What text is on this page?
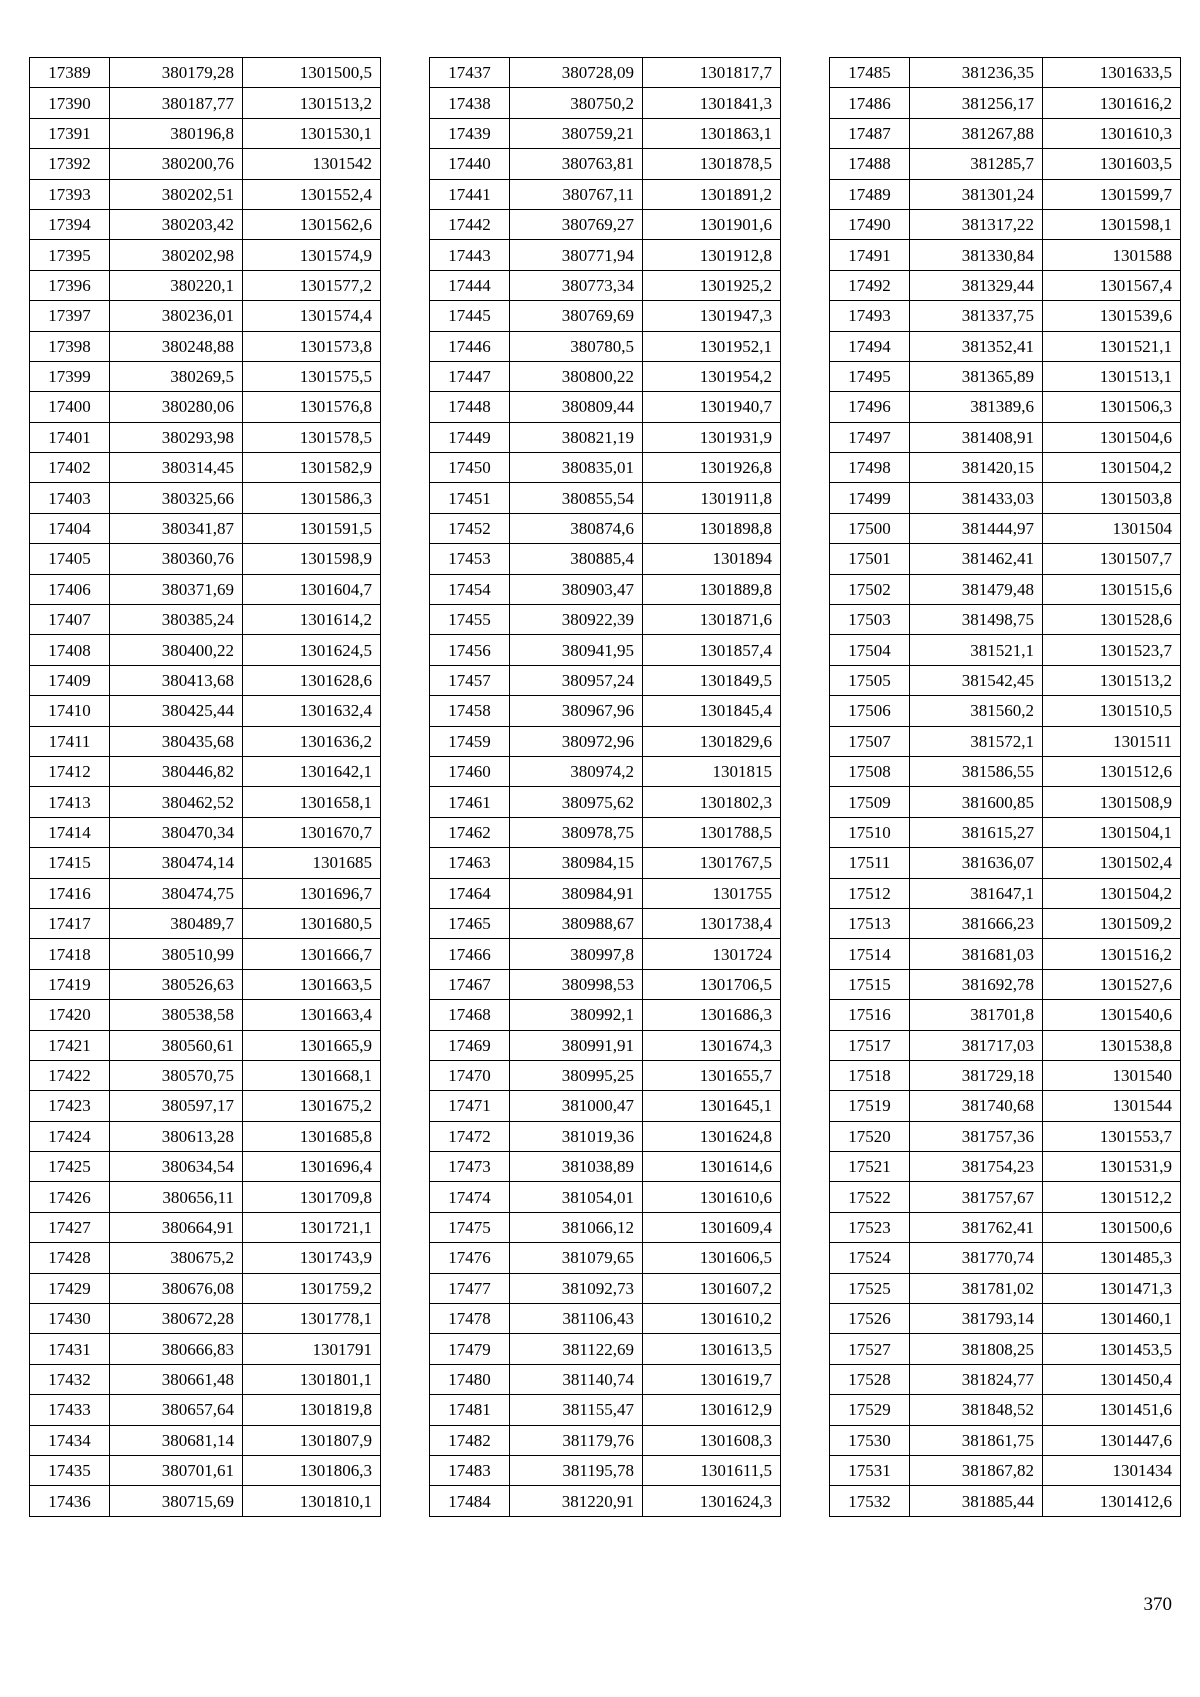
17389	380179,28	1301500,5
17390	380187,77	1301513,2
17391	380196,8	1301530,1
17392	380200,76	1301542
17393	380202,51	1301552,4
17394	380203,42	1301562,6
17395	380202,98	1301574,9
17396	380220,1	1301577,2
17397	380236,01	1301574,4
17398	380248,88	1301573,8
17399	380269,5	1301575,5
17400	380280,06	1301576,8
17401	380293,98	1301578,5
17402	380314,45	1301582,9
17403	380325,66	1301586,3
17404	380341,87	1301591,5
17405	380360,76	1301598,9
17406	380371,69	1301604,7
17407	380385,24	1301614,2
17408	380400,22	1301624,5
17409	380413,68	1301628,6
17410	380425,44	1301632,4
17411	380435,68	1301636,2
17412	380446,82	1301642,1
17413	380462,52	1301658,1
17414	380470,34	1301670,7
17415	380474,14	1301685
17416	380474,75	1301696,7
17417	380489,7	1301680,5
17418	380510,99	1301666,7
17419	380526,63	1301663,5
17420	380538,58	1301663,4
17421	380560,61	1301665,9
17422	380570,75	1301668,1
17423	380597,17	1301675,2
17424	380613,28	1301685,8
17425	380634,54	1301696,4
17426	380656,11	1301709,8
17427	380664,91	1301721,1
17428	380675,2	1301743,9
17429	380676,08	1301759,2
17430	380672,28	1301778,1
17431	380666,83	1301791
17432	380661,48	1301801,1
17433	380657,64	1301819,8
17434	380681,14	1301807,9
17435	380701,61	1301806,3
17436	380715,69	1301810,1
17437	380728,09	1301817,7
17438	380750,2	1301841,3
17439	380759,21	1301863,1
17440	380763,81	1301878,5
17441	380767,11	1301891,2
17442	380769,27	1301901,6
17443	380771,94	1301912,8
17444	380773,34	1301925,2
17445	380769,69	1301947,3
17446	380780,5	1301952,1
17447	380800,22	1301954,2
17448	380809,44	1301940,7
17449	380821,19	1301931,9
17450	380835,01	1301926,8
17451	380855,54	1301911,8
17452	380874,6	1301898,8
17453	380885,4	1301894
17454	380903,47	1301889,8
17455	380922,39	1301871,6
17456	380941,95	1301857,4
17457	380957,24	1301849,5
17458	380967,96	1301845,4
17459	380972,96	1301829,6
17460	380974,2	1301815
17461	380975,62	1301802,3
17462	380978,75	1301788,5
17463	380984,15	1301767,5
17464	380984,91	1301755
17465	380988,67	1301738,4
17466	380997,8	1301724
17467	380998,53	1301706,5
17468	380992,1	1301686,3
17469	380991,91	1301674,3
17470	380995,25	1301655,7
17471	381000,47	1301645,1
17472	381019,36	1301624,8
17473	381038,89	1301614,6
17474	381054,01	1301610,6
17475	381066,12	1301609,4
17476	381079,65	1301606,5
17477	381092,73	1301607,2
17478	381106,43	1301610,2
17479	381122,69	1301613,5
17480	381140,74	1301619,7
17481	381155,47	1301612,9
17482	381179,76	1301608,3
17483	381195,78	1301611,5
17484	381220,91	1301624,3
17485	381236,35	1301633,5
17486	381256,17	1301616,2
17487	381267,88	1301610,3
17488	381285,7	1301603,5
17489	381301,24	1301599,7
17490	381317,22	1301598,1
17491	381330,84	1301588
17492	381329,44	1301567,4
17493	381337,75	1301539,6
17494	381352,41	1301521,1
17495	381365,89	1301513,1
17496	381389,6	1301506,3
17497	381408,91	1301504,6
17498	381420,15	1301504,2
17499	381433,03	1301503,8
17500	381444,97	1301504
17501	381462,41	1301507,7
17502	381479,48	1301515,6
17503	381498,75	1301528,6
17504	381521,1	1301523,7
17505	381542,45	1301513,2
17506	381560,2	1301510,5
17507	381572,1	1301511
17508	381586,55	1301512,6
17509	381600,85	1301508,9
17510	381615,27	1301504,1
17511	381636,07	1301502,4
17512	381647,1	1301504,2
17513	381666,23	1301509,2
17514	381681,03	1301516,2
17515	381692,78	1301527,6
17516	381701,8	1301540,6
17517	381717,03	1301538,8
17518	381729,18	1301540
17519	381740,68	1301544
17520	381757,36	1301553,7
17521	381754,23	1301531,9
17522	381757,67	1301512,2
17523	381762,41	1301500,6
17524	381770,74	1301485,3
17525	381781,02	1301471,3
17526	381793,14	1301460,1
17527	381808,25	1301453,5
17528	381824,77	1301450,4
17529	381848,52	1301451,6
17530	381861,75	1301447,6
17531	381867,82	1301434
17532	381885,44	1301412,6
370
